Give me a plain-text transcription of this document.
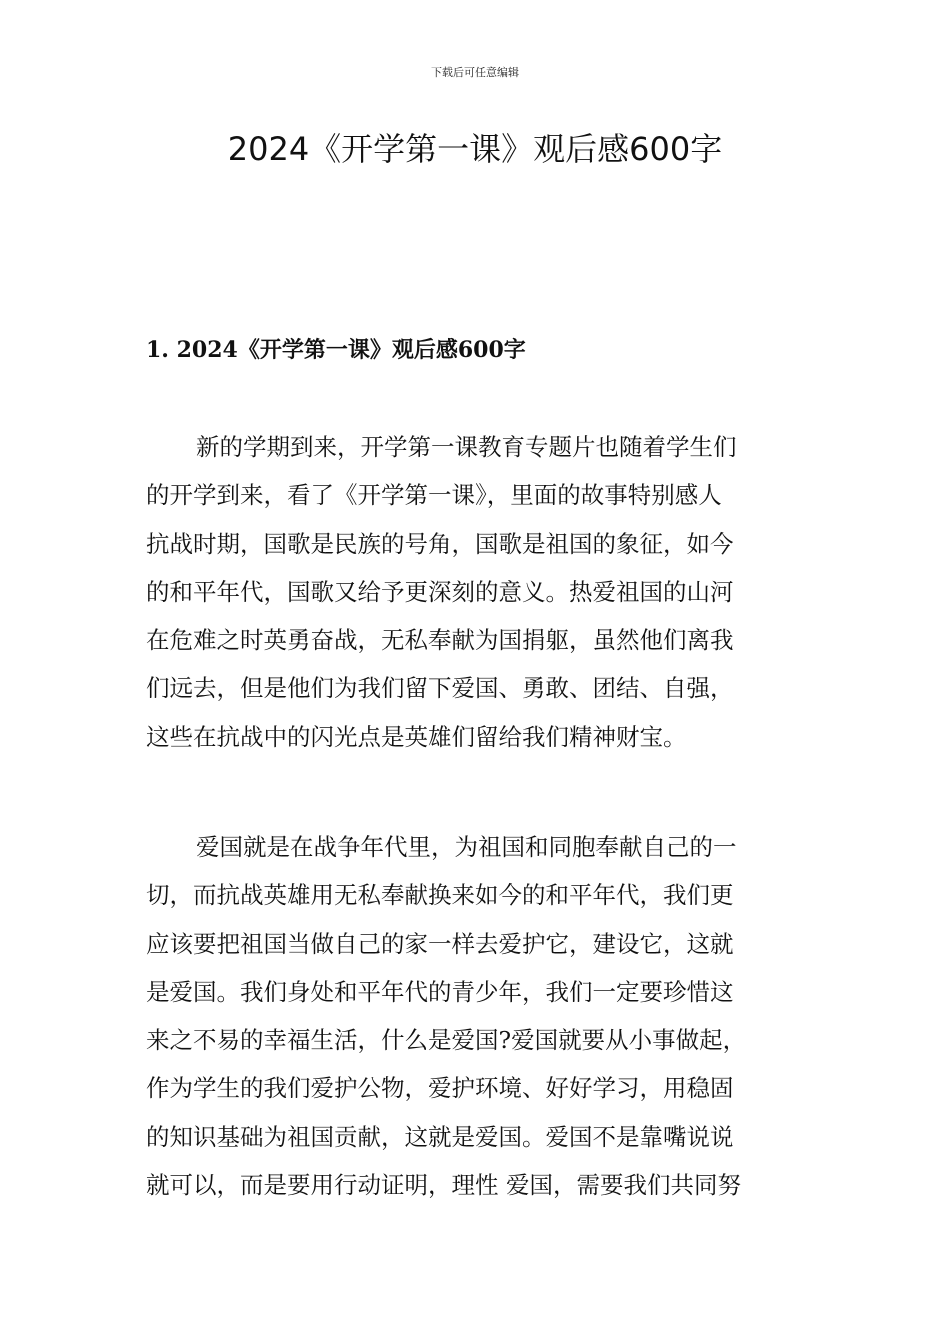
下载后可任意编辑
2024《开学第一课》观后感600字
1. 2024《开学第一课》观后感600字
新的学期到来，开学第一课教育专题片也随着学生们
的开学到来，看了《开学第一课》，里面的故事特别感人
抗战时期，国歌是民族的号角，国歌是祖国的象征，如今
的和平年代，国歌又给予更深刻的意义。热爱祖国的山河
在危难之时英勇奋战，无私奉献为国捐躯，虽然他们离我
们远去，但是他们为我们留下爱国、勇敢、团结、自强，
这些在抗战中的闪光点是英雄们留给我们精神财宝。
爱国就是在战争年代里，为祖国和同胞奉献自己的一
切，而抗战英雄用无私奉献换来如今的和平年代，我们更
应该要把祖国当做自己的家一样去爱护它，建设它，这就
是爱国。我们身处和平年代的青少年，我们一定要珍惜这
来之不易的幸福生活，什么是爱国?爱国就要从小事做起，
作为学生的我们爱护公物，爱护环境、好好学习，用稳固
的知识基础为祖国贡献，这就是爱国。爱国不是靠嘴说说
就可以，而是要用行动证明，理性 爱国，需要我们共同努
